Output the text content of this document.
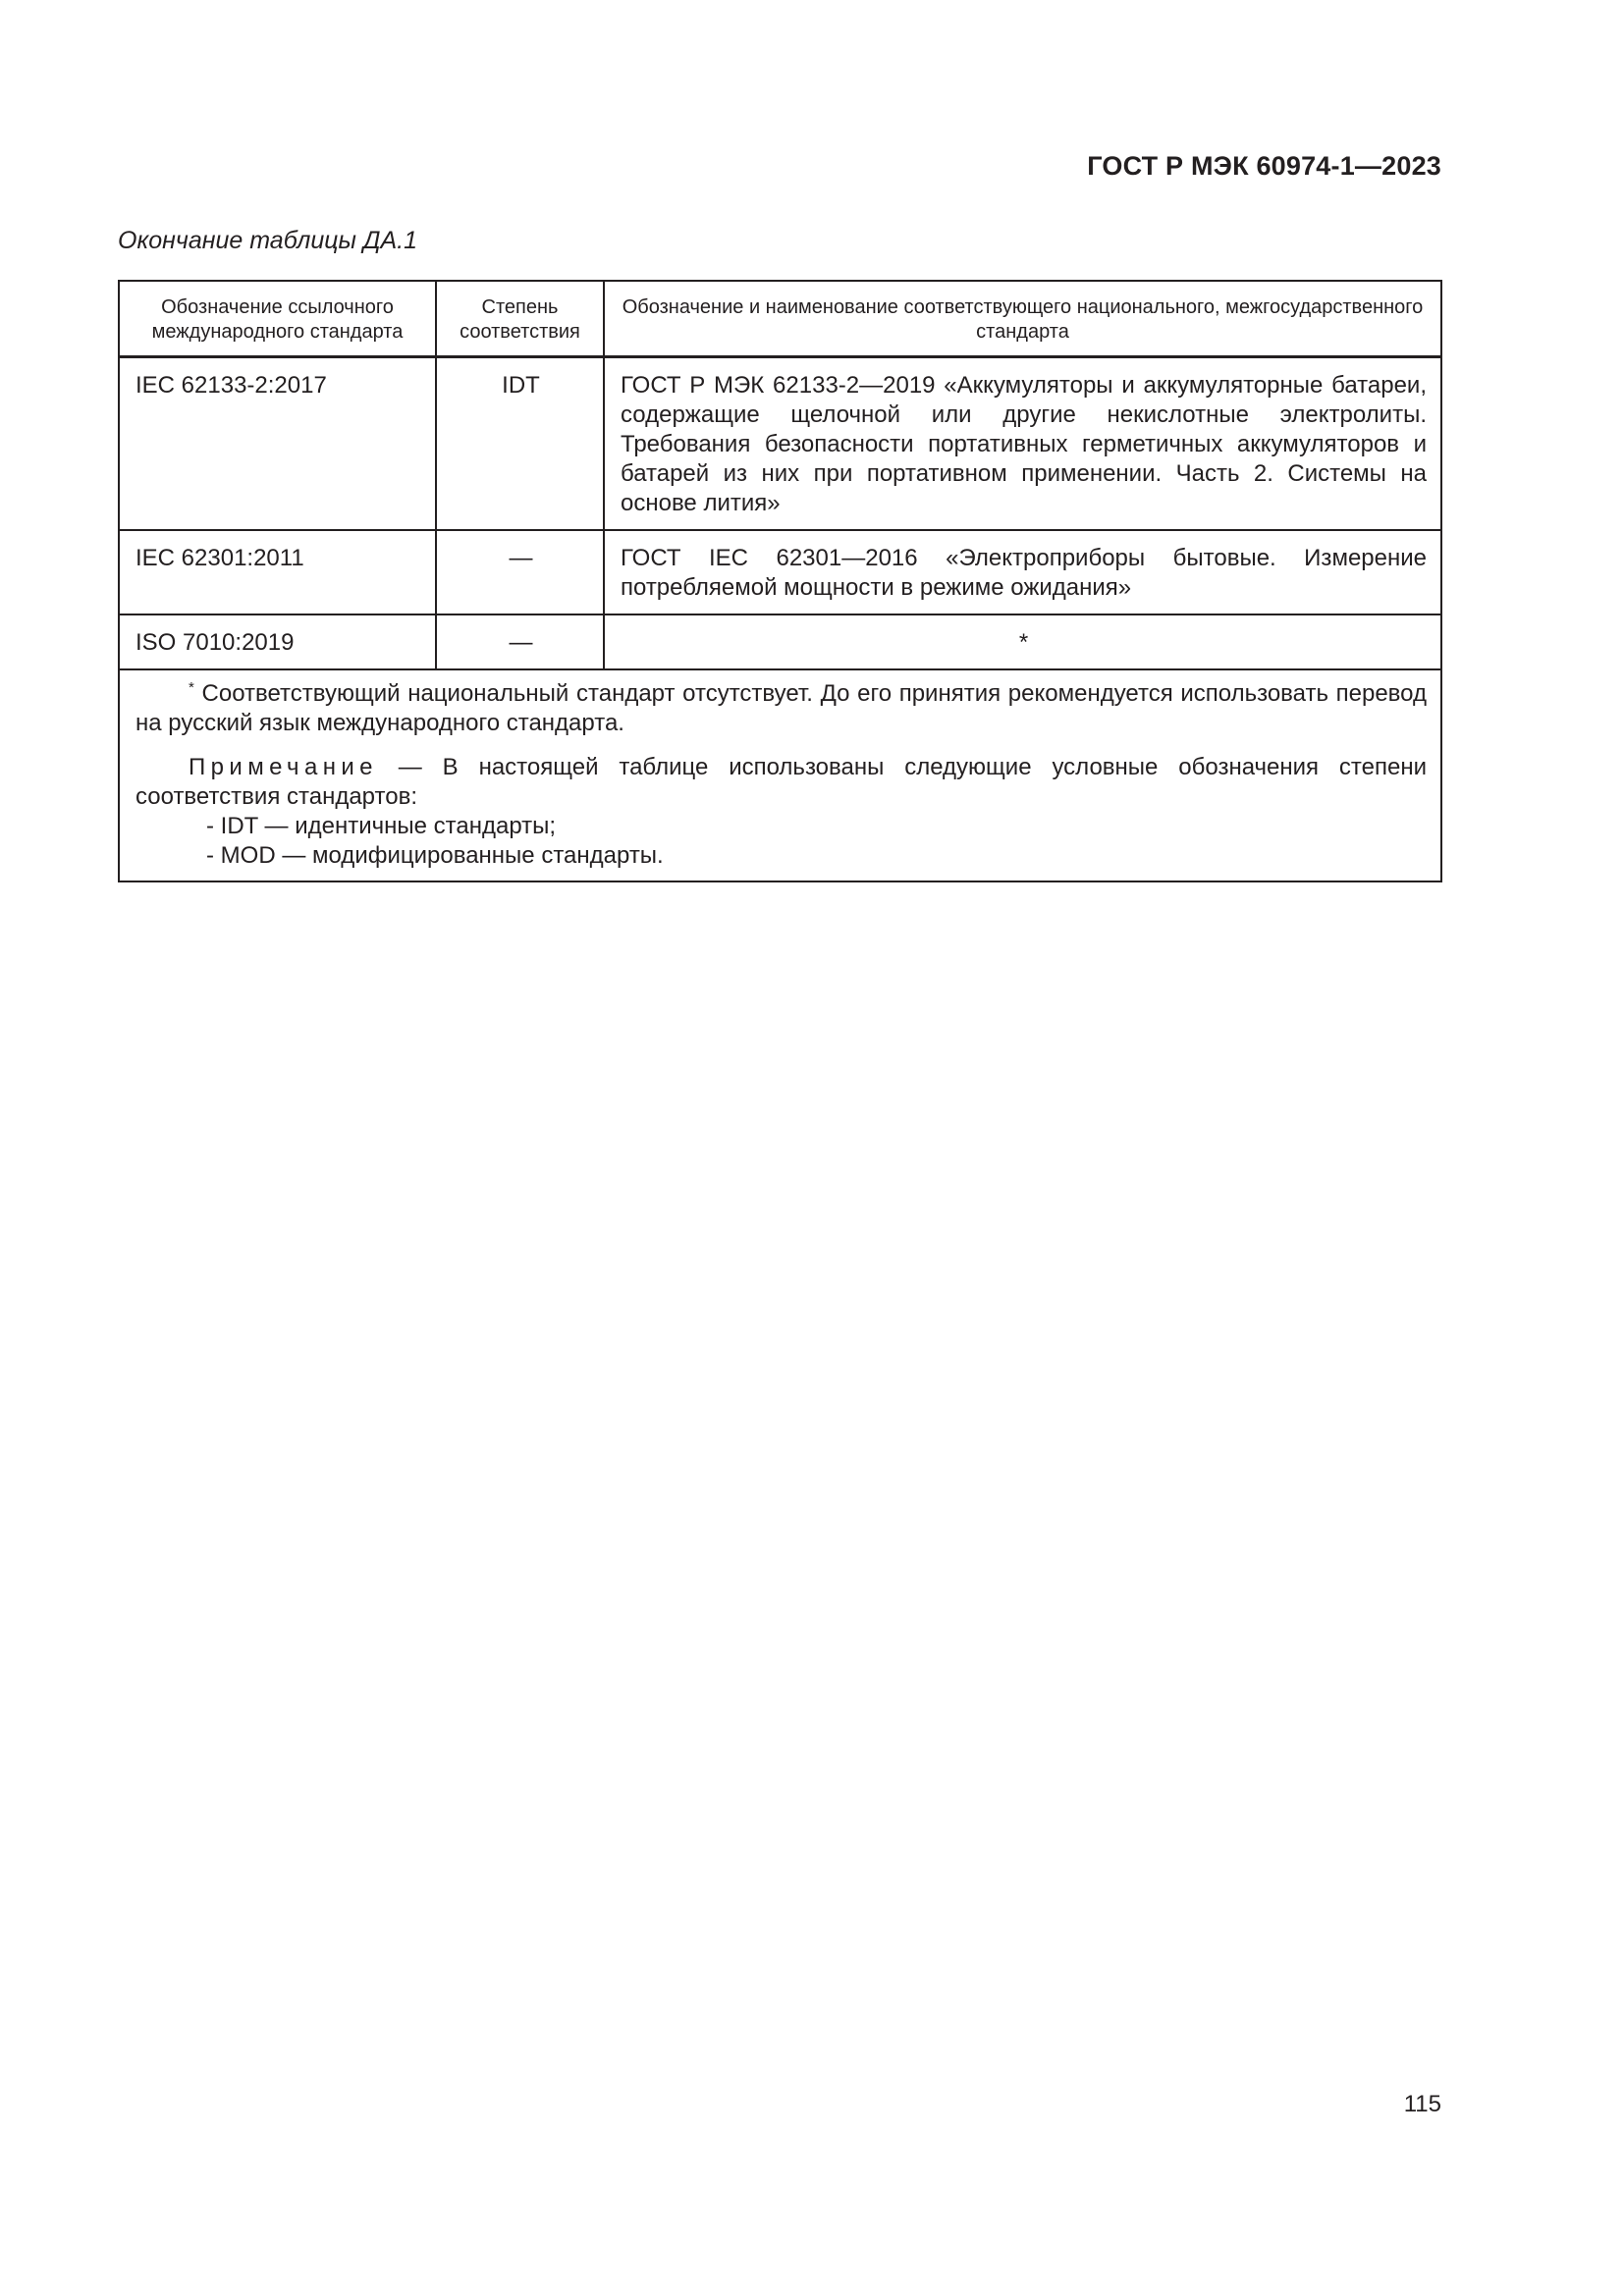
ГОСТ Р МЭК 60974-1—2023
Окончание таблицы ДА.1
Обозначение ссылочного международного стандарта	Степень соответствия	Обозначение и наименование соответствующего национального, межгосударственного стандарта
IEC 62133-2:2017	IDT	ГОСТ Р МЭК 62133-2—2019 «Аккумуляторы и аккумуляторные батареи, содержащие щелочной или другие некислотные электролиты. Требования безопасности портативных герметичных аккумуляторов и батарей из них при портативном применении. Часть 2. Системы на основе лития»
IEC 62301:2011	—	ГОСТ IEC 62301—2016 «Электроприборы бытовые. Измерение потребляемой мощности в режиме ожидания»
ISO 7010:2019	—	*

* Соответствующий национальный стандарт отсутствует. До его принятия рекомендуется использовать перевод на русский язык международного стандарта.
Примечание — В настоящей таблице использованы следующие условные обозначения степени соответствия стандартов:
- IDT — идентичные стандарты;
- MOD — модифицированные стандарты.		
115
